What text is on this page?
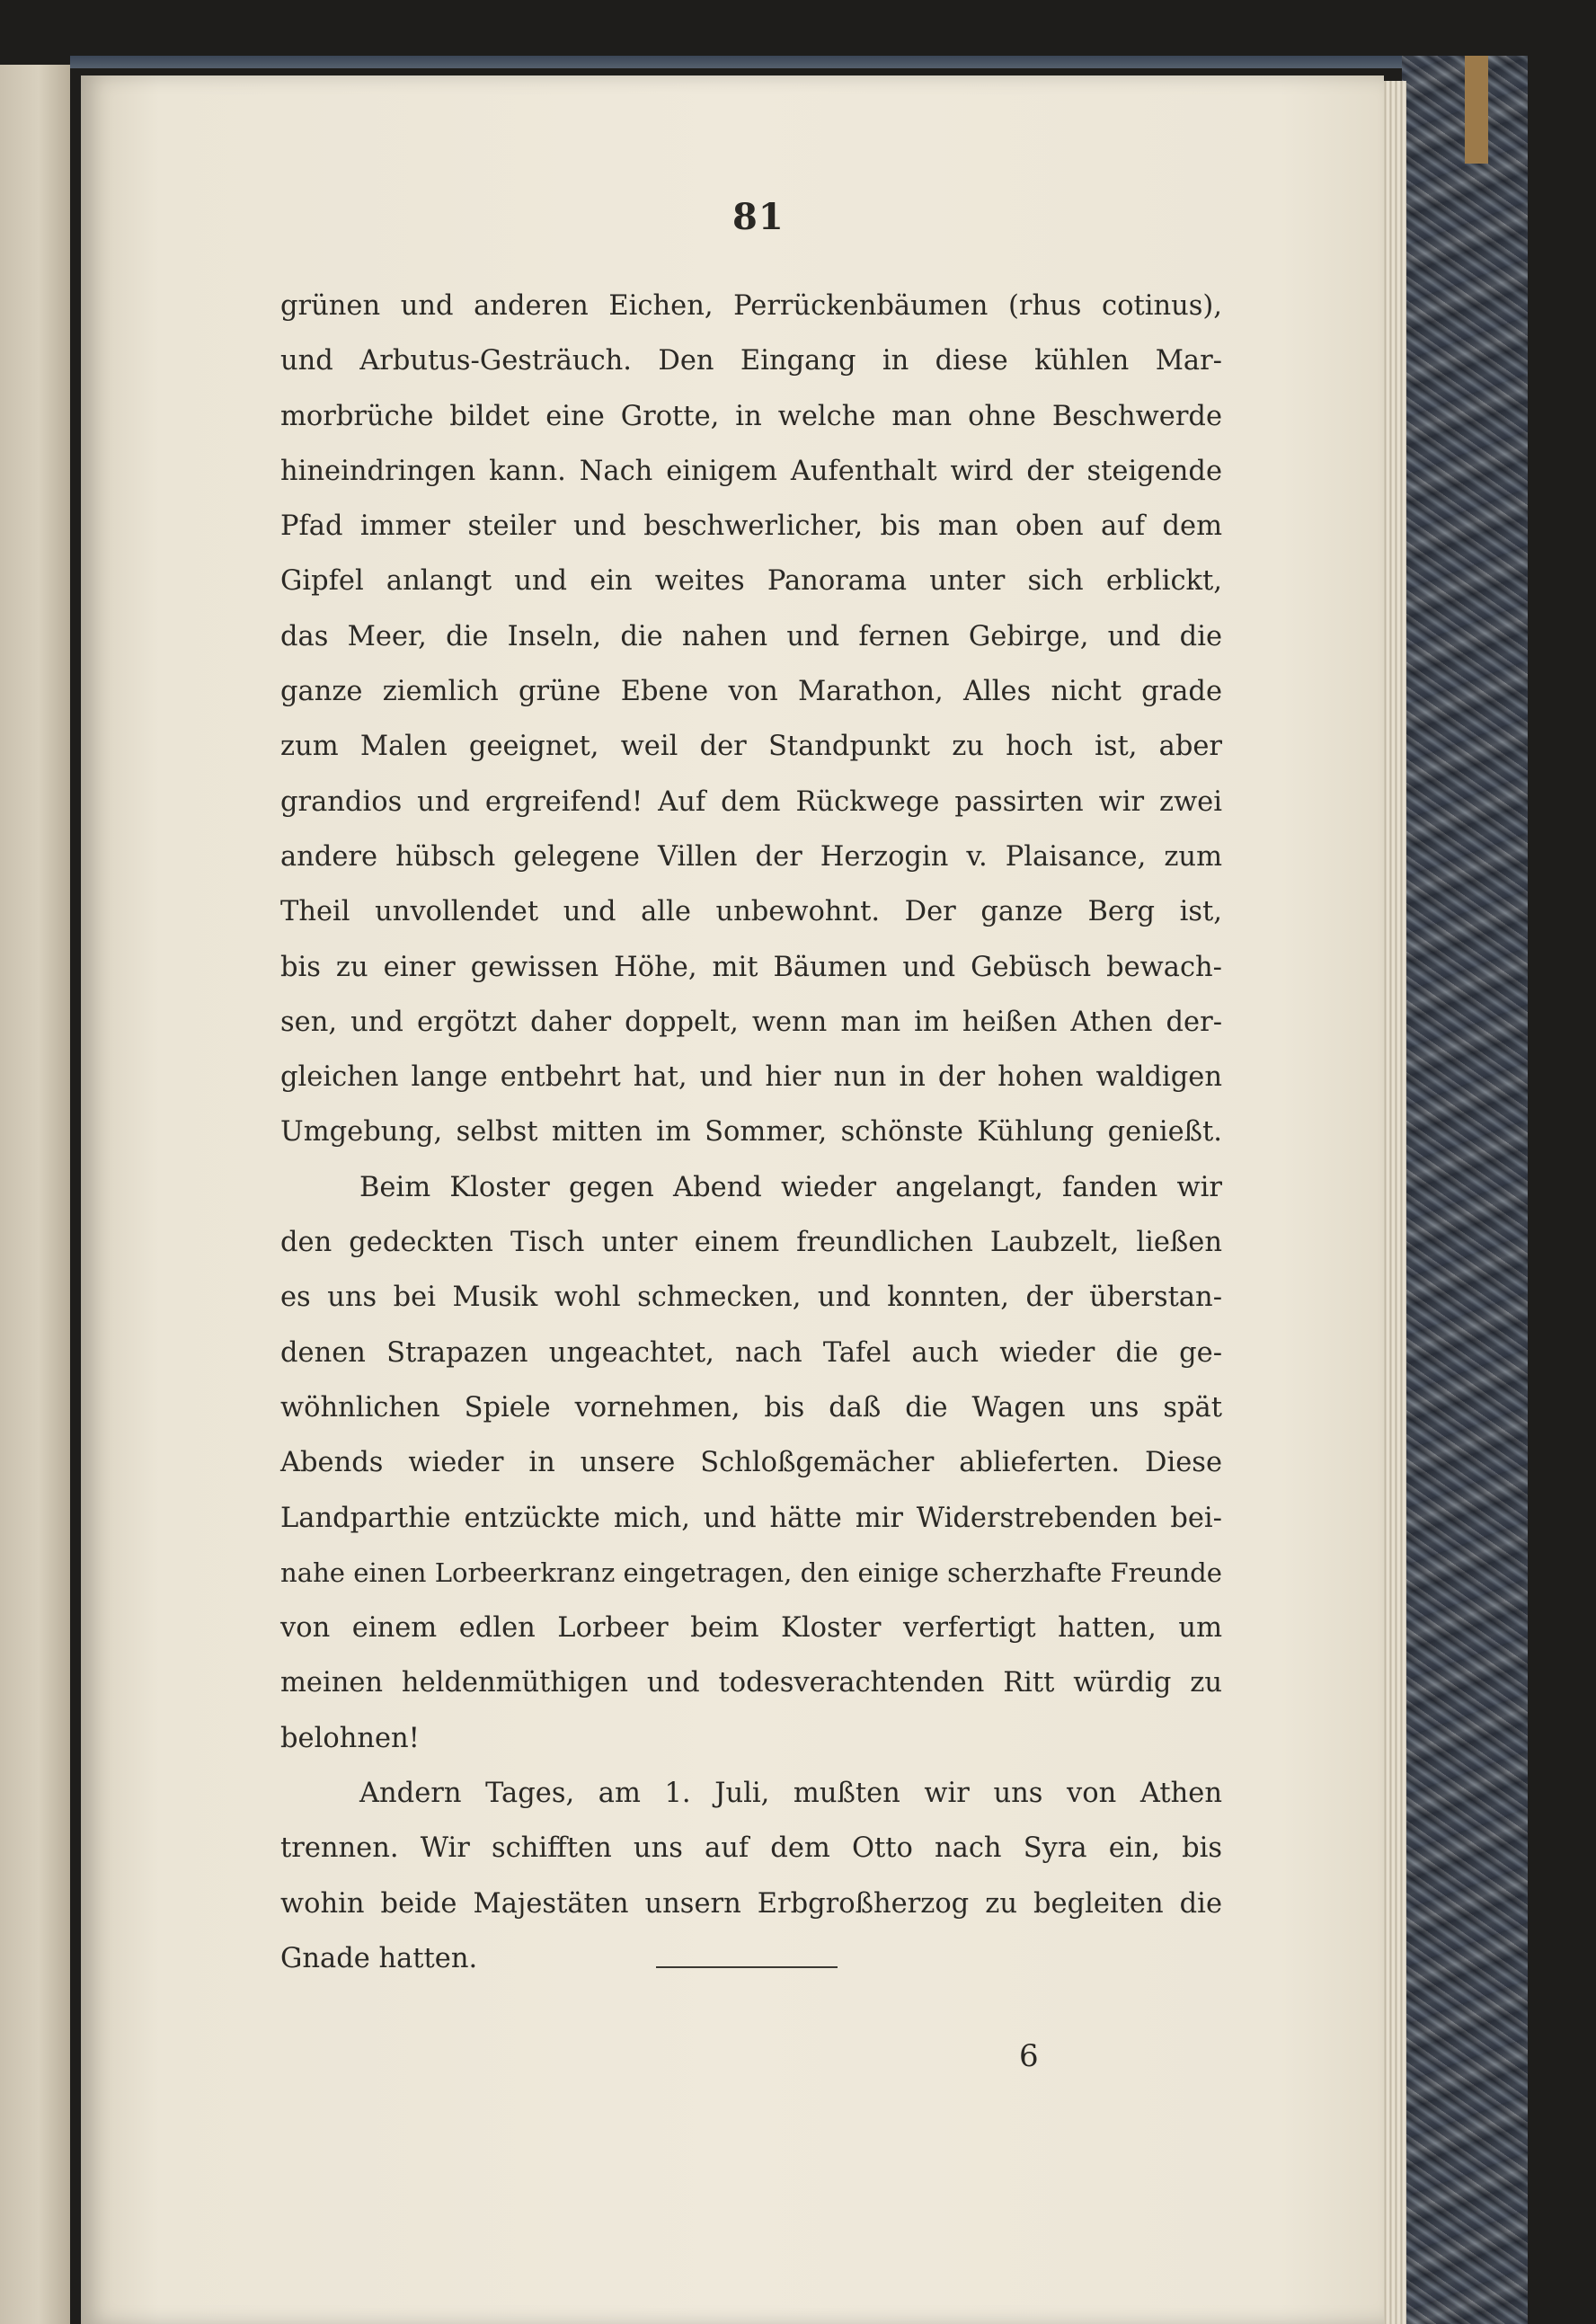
81
grünen und anderen Eichen, Perrückenbäumen (rhus cotinus),
und Arbutus-Gesträuch. Den Eingang in diese kühlen Mar-
morbrüche bildet eine Grotte, in welche man ohne Beschwerde
hineindringen kann. Nach einigem Aufenthalt wird der steigende
Pfad immer steiler und beschwerlicher, bis man oben auf dem
Gipfel anlangt und ein weites Panorama unter sich erblickt,
das Meer, die Inseln, die nahen und fernen Gebirge, und die
ganze ziemlich grüne Ebene von Marathon, Alles nicht grade
zum Malen geeignet, weil der Standpunkt zu hoch ist, aber
grandios und ergreifend! Auf dem Rückwege passirten wir zwei
andere hübsch gelegene Villen der Herzogin v. Plaisance, zum
Theil unvollendet und alle unbewohnt. Der ganze Berg ist,
bis zu einer gewissen Höhe, mit Bäumen und Gebüsch bewach-
sen, und ergötzt daher doppelt, wenn man im heißen Athen der-
gleichen lange entbehrt hat, und hier nun in der hohen waldigen
Umgebung, selbst mitten im Sommer, schönste Kühlung genießt.
Beim Kloster gegen Abend wieder angelangt, fanden wir
den gedeckten Tisch unter einem freundlichen Laubzelt, ließen
es uns bei Musik wohl schmecken, und konnten, der überstan-
denen Strapazen ungeachtet, nach Tafel auch wieder die ge-
wöhnlichen Spiele vornehmen, bis daß die Wagen uns spät
Abends wieder in unsere Schloßgemächer ablieferten. Diese
Landparthie entzückte mich, und hätte mir Widerstrebenden bei-
nahe einen Lorbeerkranz eingetragen, den einige scherzhafte Freunde
von einem edlen Lorbeer beim Kloster verfertigt hatten, um
meinen heldenmüthigen und todesverachtenden Ritt würdig zu
belohnen!
Andern Tages, am 1. Juli, mußten wir uns von Athen
trennen. Wir schifften uns auf dem Otto nach Syra ein, bis
wohin beide Majestäten unsern Erbgroßherzog zu begleiten die
Gnade hatten.
6
